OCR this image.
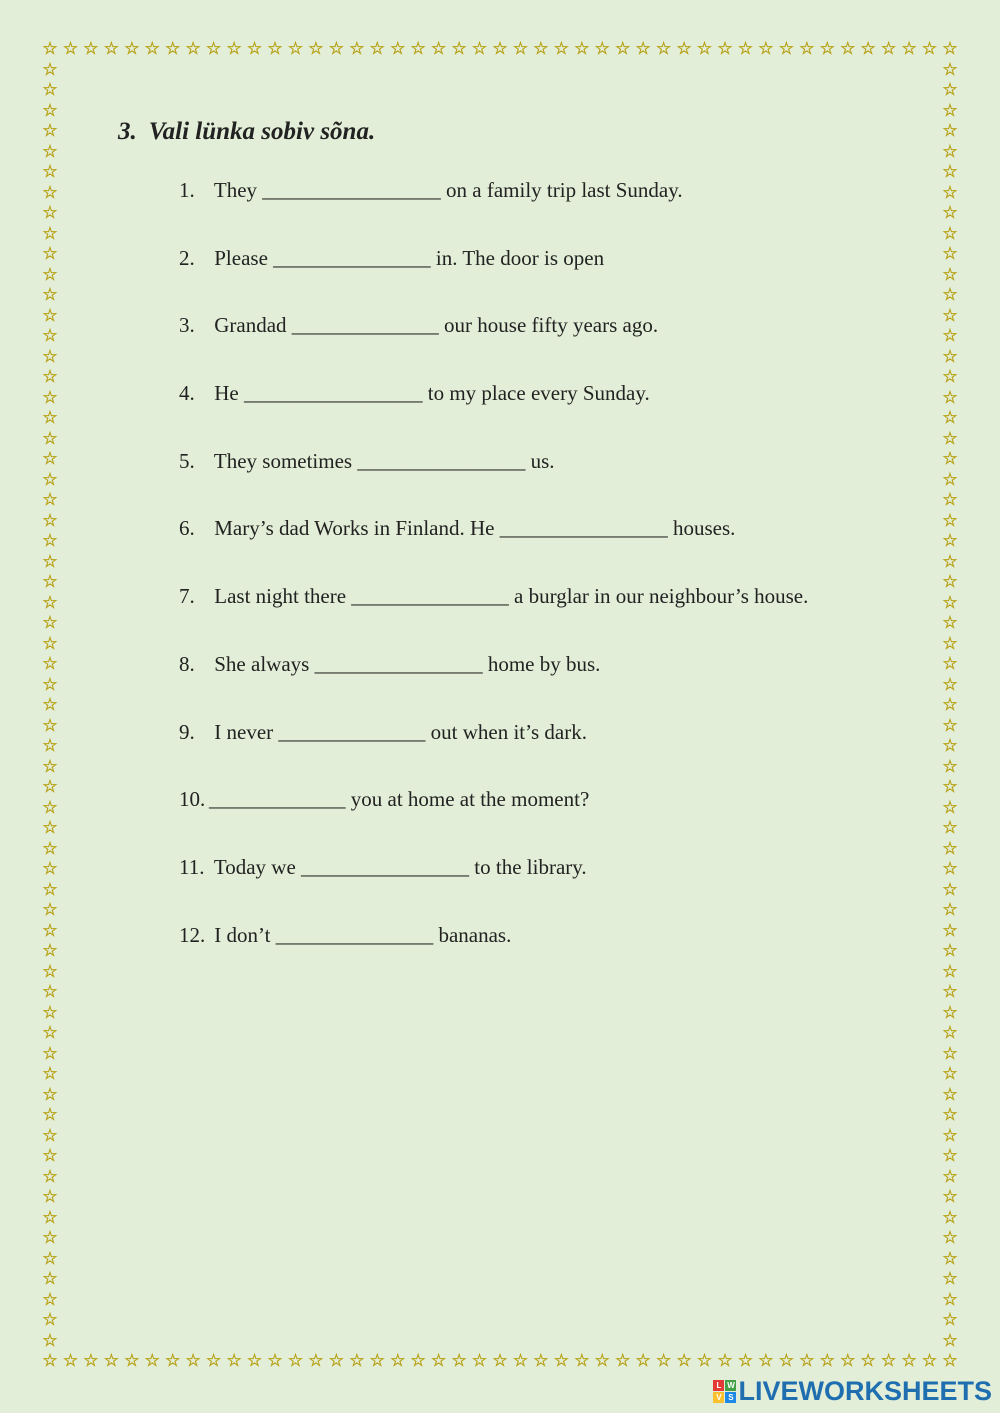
☆
☆
☆
☆
☆
☆
☆
☆
☆
☆
☆
☆
☆
☆
☆
☆
☆
☆
☆
☆
☆
☆
☆
☆
☆
☆
☆
☆
☆
☆
☆
☆
☆
☆
☆
☆
☆
☆
☆
☆
☆
☆
☆
☆
☆
☆
☆
☆
☆
☆
☆
☆
☆
☆
☆
☆
☆
☆
☆
☆
☆
☆
☆
☆
☆
☆
☆
☆
☆
☆
☆
☆
☆
☆
☆
☆
☆
☆
☆
☆
☆
☆
☆
☆
☆
☆
☆
☆
☆
☆
☆	☆
☆	☆
☆	☆
☆	☆
☆	☆
☆	☆
☆	☆
☆	☆
☆	☆
☆	☆
☆	☆
☆	☆
☆	☆
☆	☆
☆	☆
☆	☆
☆	☆
☆	☆
☆	☆
☆	☆
☆	☆
☆	☆
☆	☆
☆	☆
☆	☆
☆	☆
☆	☆
☆	☆
☆	☆
☆	☆
☆	☆
☆	☆
☆	☆
☆	☆
☆	☆
☆	☆
☆	☆
☆	☆
☆	☆
☆	☆
☆	☆
☆	☆
☆	☆
☆	☆
☆	☆
☆	☆
☆	☆
☆	☆
☆	☆
☆	☆
☆	☆
☆	☆
☆	☆
☆	☆
☆	☆
☆	☆
☆	☆
☆	☆
☆	☆
☆	☆
☆	☆
☆	☆
☆	☆
3. Vali lünka sobiv sõna.
1. They _________________ on a family trip last Sunday.
2. Please _______________ in. The door is open
3. Grandad ______________ our house fifty years ago.
4. He _________________ to my place every Sunday.
5. They sometimes ________________ us.
6. Mary’s dad Works in Finland. He ________________ houses.
7. Last night there _______________ a burglar in our neighbour’s house.
8. She always ________________ home by bus.
9. I never ______________ out when it’s dark.
10. _____________ you at home at the moment?
11. Today we ________________ to the library.
12. I don’t _______________ bananas.
L W
V S LIVEWORKSHEETS
